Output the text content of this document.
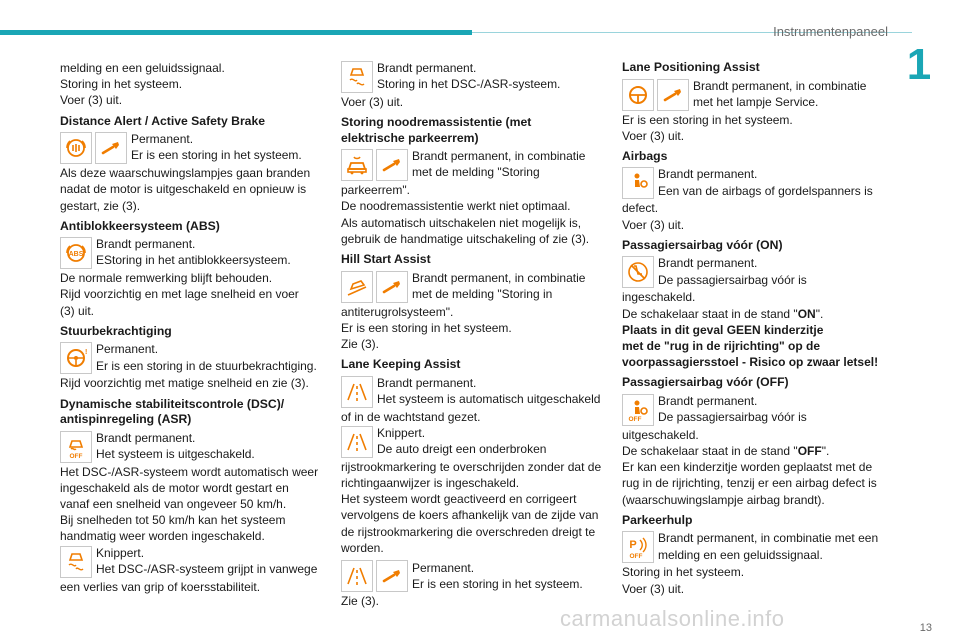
Instrumentenpaneel
1
13
carmanualsonline.info

melding en een geluidssignaal.

Storing in het systeem.

Voer (3) uit.

Distance Alert / Active Safety Brake

Permanent.

Er is een storing in het systeem.

Als deze waarschuwingslampjes gaan branden

nadat de motor is uitgeschakeld en opnieuw is

gestart, zie (3).

Antiblokkeersysteem (ABS)
ABS

Brandt permanent.

EStoring in het antiblokkeersysteem.

De normale remwerking blijft behouden.

Rijd voorzichtig en met lage snelheid en voer

(3) uit.

Stuurbekrachtiging
! Permanent.

Er is een storing in de stuurbekrachtiging.

Rijd voorzichtig met matige snelheid en zie (3).

Dynamische stabiliteitscontrole (DSC)/
antispinregeling (ASR)
OFF

Brandt permanent.

Het systeem is uitgeschakeld.

Het DSC-/ASR-systeem wordt automatisch weer

ingeschakeld als de motor wordt gestart en

vanaf een snelheid van ongeveer 50 km/h.

Bij snelheden tot 50 km/h kan het systeem

handmatig weer worden ingeschakeld.

Knippert.

Het DSC-/ASR-systeem grijpt in vanwege

een verlies van grip of koersstabiliteit.

Brandt permanent.

Storing in het DSC-/ASR-systeem.

Voer (3) uit.

Storing noodremassistentie (met
elektrische parkeerrem)

Brandt permanent, in combinatie

met de melding "Storing

parkeerrem".

De noodremassistentie werkt niet optimaal.

Als automatisch uitschakelen niet mogelijk is,

gebruik de handmatige uitschakeling of zie (3).

Hill Start Assist

Brandt permanent, in combinatie

met de melding "Storing in

antiterugrolsysteem".

Er is een storing in het systeem.

Zie (3).

Lane Keeping Assist

Brandt permanent.

Het systeem is automatisch uitgeschakeld

of in de wachtstand gezet.

Knippert.

De auto dreigt een onderbroken

rijstrookmarkering te overschrijden zonder dat de

richtingaanwijzer is ingeschakeld.

Het systeem wordt geactiveerd en corrigeert

vervolgens de koers afhankelijk van de zijde van

de rijstrookmarkering die overschreden dreigt te

worden.

Permanent.

Er is een storing in het systeem.

Zie (3).

Lane Positioning Assist

Brandt permanent, in combinatie

met het lampje Service.

Er is een storing in het systeem.

Voer (3) uit.

Airbags

Brandt permanent.

Een van de airbags of gordelspanners is

defect.

Voer (3) uit.

Passagiersairbag vóór (ON)

Brandt permanent.

De passagiersairbag vóór is

ingeschakeld.

De schakelaar staat in de stand "ON".

Plaats in dit geval GEEN kinderzitje

met de "rug in de rijrichting" op de

voorpassagiersstoel - Risico op zwaar letsel!

Passagiersairbag vóór (OFF)
OFF

Brandt permanent.

De passagiersairbag vóór is

uitgeschakeld.

De schakelaar staat in de stand "OFF".

Er kan een kinderzitje worden geplaatst met de

rug in de rijrichting, tenzij er een airbag defect is

(waarschuwingslampje airbag brandt).

Parkeerhulp
P
OFF

Brandt permanent, in combinatie met een

melding en een geluidssignaal.

Storing in het systeem.

Voer (3) uit.
